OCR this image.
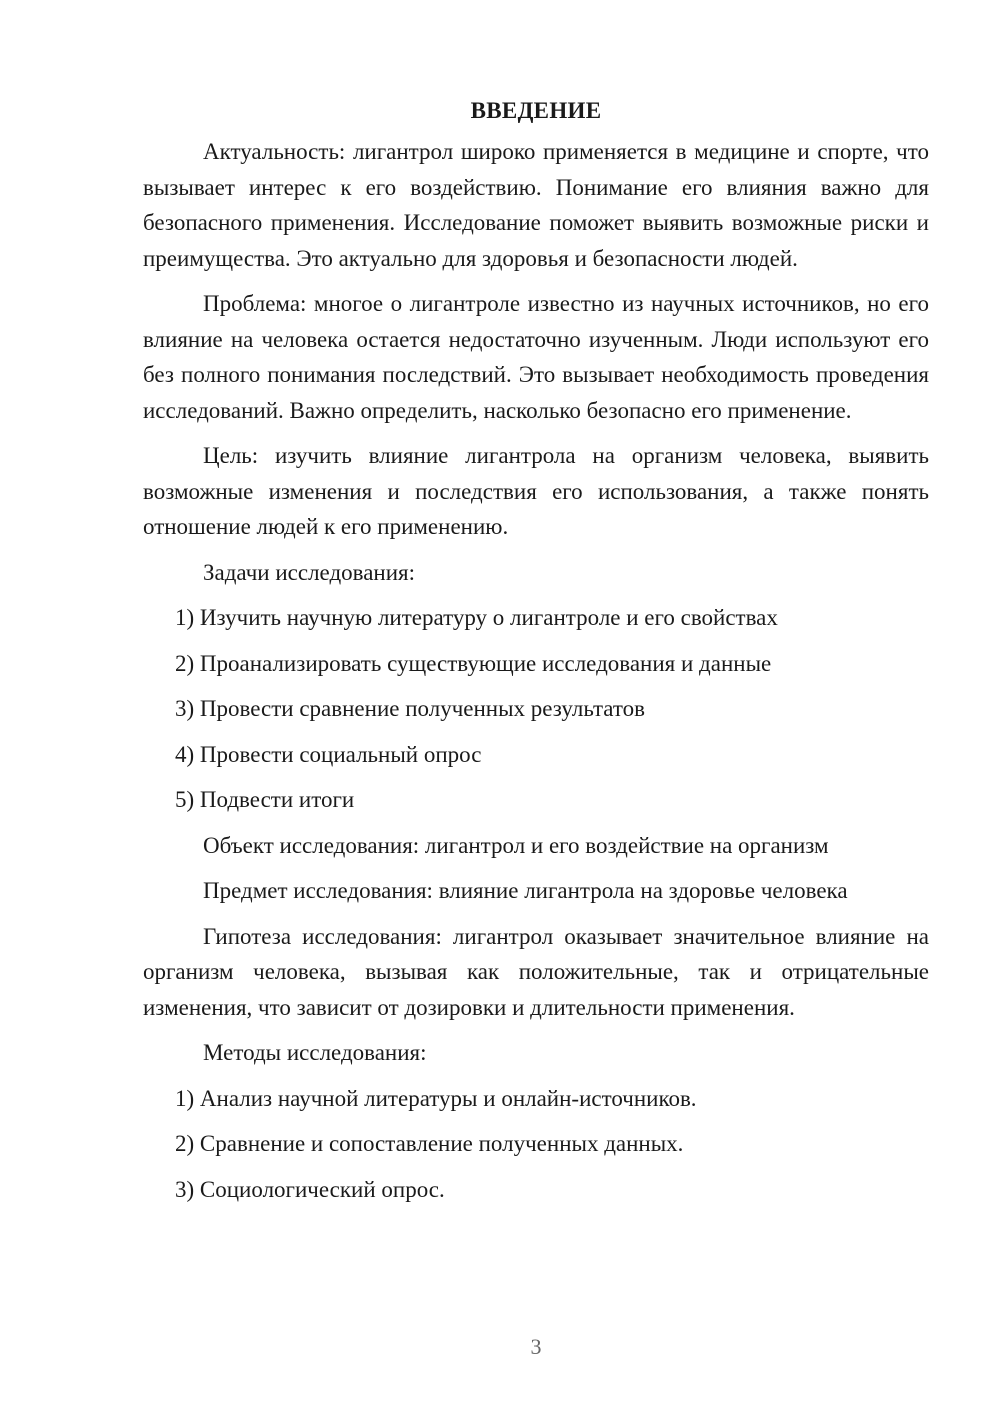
ВВЕДЕНИЕ

Актуальность: лигантрол широко применяется в медицине и спорте, что вызывает интерес к его воздействию. Понимание его влияния важно для безопасного применения. Исследование поможет выявить возможные риски и преимущества. Это актуально для здоровья и безопасности людей.

Проблема: многое о лигантроле известно из научных источников, но его влияние на человека остается недостаточно изученным. Люди используют его без полного понимания последствий. Это вызывает необходимость проведения исследований. Важно определить, насколько безопасно его применение.

Цель: изучить влияние лигантрола на организм человека, выявить возможные изменения и последствия его использования, а также понять отношение людей к его применению.

Задачи исследования:
1) Изучить научную литературу о лигантроле и его свойствах
2) Проанализировать существующие исследования и данные
3) Провести сравнение полученных результатов
4) Провести социальный опрос
5) Подвести итоги
Объект исследования: лигантрол и его воздействие на организм
Предмет исследования: влияние лигантрола на здоровье человека

Гипотеза исследования: лигантрол оказывает значительное влияние на организм человека, вызывая как положительные, так и отрицательные изменения, что зависит от дозировки и длительности применения.

Методы исследования:
1) Анализ научной литературы и онлайн-источников.
2) Сравнение и сопоставление полученных данных.
3) Социологический опрос.
3
